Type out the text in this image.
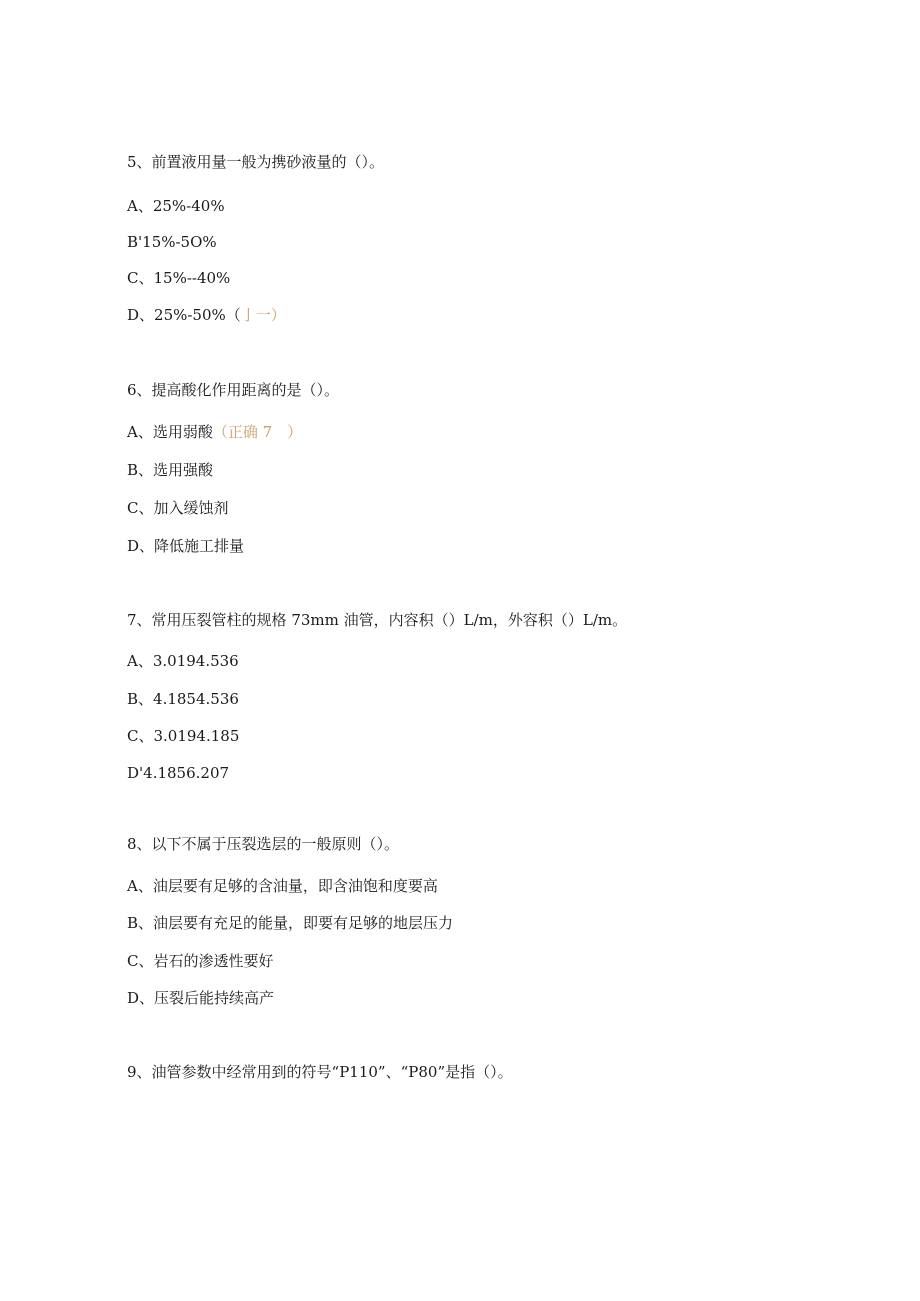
5、前置液用量一般为携砂液量的（）。
A、25%-40%
B'15%-5O%
C、15%--40%
D、25%-50%（亅一）
6、提高酸化作用距离的是（）。
A、选用弱酸（正确 7　）
B、选用强酸
C、加入缓蚀剂
D、降低施工排量
7、常用压裂管柱的规格 73mm 油管，内容积（）L/m，外容积（）L/m。
A、3.0194.536
B、4.1854.536
C、3.0194.185
D'4.1856.207
8、以下不属于压裂选层的一般原则（）。
A、油层要有足够的含油量，即含油饱和度要高
B、油层要有充足的能量，即要有足够的地层压力
C、岩石的渗透性要好
D、压裂后能持续高产
9、油管参数中经常用到的符号“P110”、“P80”是指（）。
